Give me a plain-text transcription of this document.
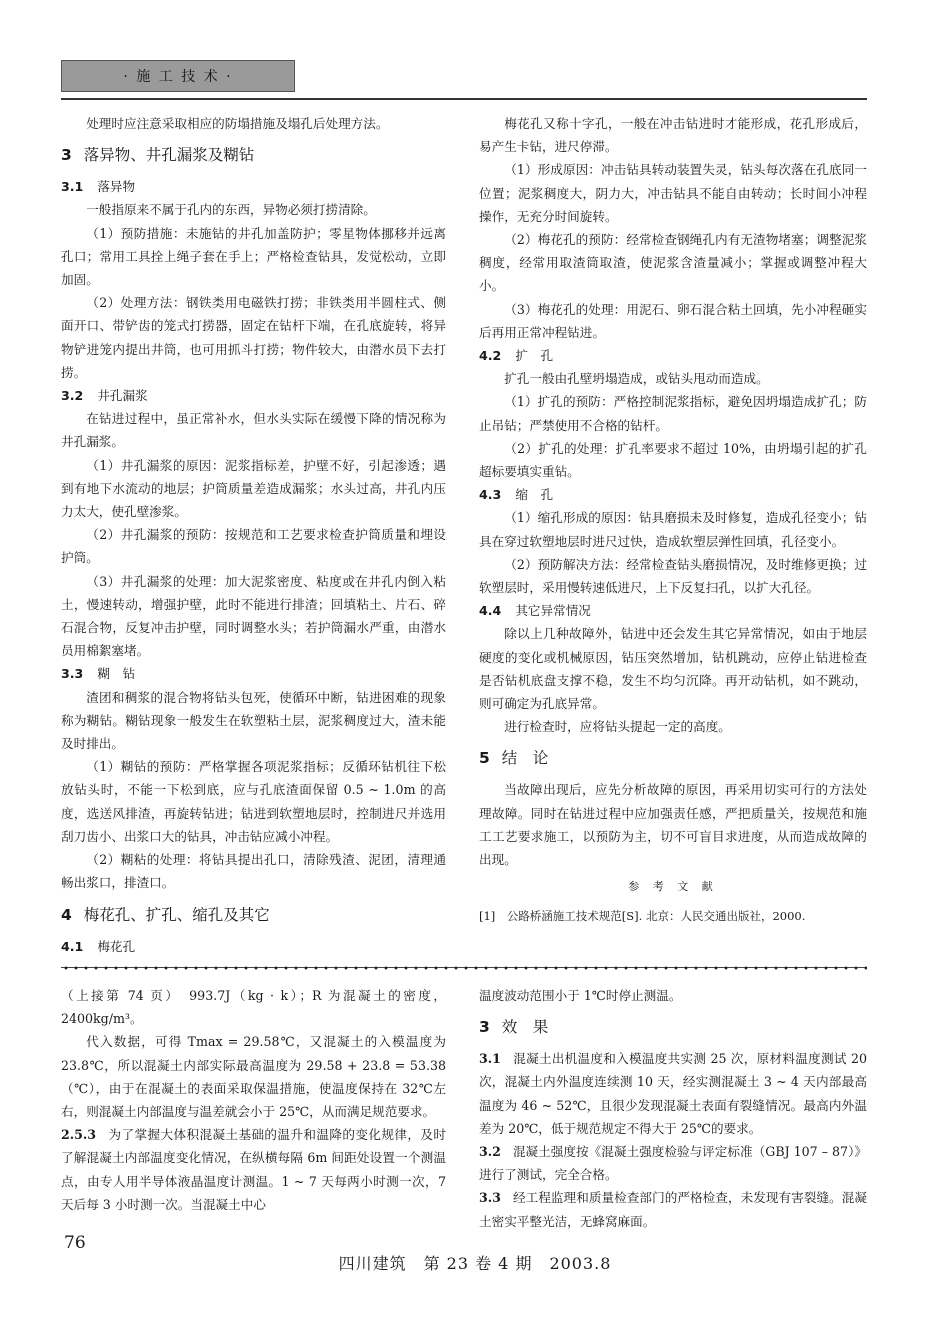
· 施 工 技 术 ·

处理时应注意采取相应的防塌措施及塌孔后处理方法。

3 落异物、井孔漏浆及糊钻
3.1 落异物

一般指原来不属于孔内的东西，异物必须打捞清除。

（1）预防措施：未施钻的井孔加盖防护；零星物体挪移并远离孔口；常用工具拴上绳子套在手上；严格检查钻具，发觉松动，立即加固。

（2）处理方法：钢铁类用电磁铁打捞；非铁类用半圆柱式、侧面开口、带铲齿的笼式打捞器，固定在钻杆下端，在孔底旋转，将异物铲进笼内提出井筒，也可用抓斗打捞；物件较大，由潜水员下去打捞。

3.2 井孔漏浆

在钻进过程中，虽正常补水，但水头实际在缓慢下降的情况称为井孔漏浆。

（1）井孔漏浆的原因：泥浆指标差，护壁不好，引起渗透；遇到有地下水流动的地层；护筒质量差造成漏浆；水头过高，井孔内压力太大，使孔壁渗浆。

（2）井孔漏浆的预防：按规范和工艺要求检查护筒质量和埋设护筒。

（3）井孔漏浆的处理：加大泥浆密度、粘度或在井孔内倒入粘土，慢速转动，增强护壁，此时不能进行排渣；回填粘土、片石、碎石混合物，反复冲击护壁，同时调整水头；若护筒漏水严重，由潜水员用棉絮塞堵。

3.3 糊　钻

渣团和稠浆的混合物将钻头包死，使循环中断，钻进困难的现象称为糊钻。糊钻现象一般发生在软塑粘土层，泥浆稠度过大，渣未能及时排出。

（1）糊钻的预防：严格掌握各项泥浆指标；反循环钻机往下松放钻头时，不能一下松到底，应与孔底渣面保留 0.5 ~ 1.0m 的高度，选送风排渣，再旋转钻进；钻进到软塑地层时，控制进尺并选用刮刀齿小、出浆口大的钻具，冲击钻应减小冲程。

（2）糊粘的处理：将钻具提出孔口，清除残渣、泥团，清理通畅出浆口，排渣口。

4 梅花孔、扩孔、缩孔及其它
4.1 梅花孔

梅花孔又称十字孔，一般在冲击钻进时才能形成，花孔形成后，易产生卡钻，进尺停滞。

（1）形成原因：冲击钻具转动装置失灵，钻头每次落在孔底同一位置；泥浆稠度大，阴力大，冲击钻具不能自由转动；长时间小冲程操作，无充分时间旋转。

（2）梅花孔的预防：经常检查钢绳孔内有无渣物堵塞；调整泥浆稠度，经常用取渣筒取渣，使泥浆含渣量减小；掌握或调整冲程大小。

（3）梅花孔的处理：用泥石、卵石混合粘土回填，先小冲程砸实后再用正常冲程钻进。

4.2 扩　孔

扩孔一般由孔壁坍塌造成，或钻头甩动而造成。

（1）扩孔的预防：严格控制泥浆指标，避免因坍塌造成扩孔；防止吊钻；严禁使用不合格的钻杆。

（2）扩孔的处理：扩孔率要求不超过 10%，由坍塌引起的扩孔超标要填实重钻。

4.3 缩　孔

（1）缩孔形成的原因：钻具磨损未及时修复，造成孔径变小；钻具在穿过软塑地层时进尺过快，造成软塑层弹性回填，孔径变小。

（2）预防解决方法：经常检查钻头磨损情况，及时维修更换；过软塑层时，采用慢转速低进尺，上下反复扫孔，以扩大孔径。

4.4 其它异常情况

除以上几种故障外，钻进中还会发生其它异常情况，如由于地层硬度的变化或机械原因，钻压突然增加，钻机跳动，应停止钻进检查是否钻机底盘支撑不稳，发生不均匀沉降。再开动钻机，如不跳动，则可确定为孔底异常。

进行检查时，应将钻头提起一定的高度。

5 结　论

当故障出现后，应先分析故障的原因，再采用切实可行的方法处理故障。同时在钻进过程中应加强责任感，严把质量关，按规范和施工工艺要求施工，以预防为主，切不可盲目求进度，从而造成故障的出现。

参 考 文 献

[1]　公路桥涵施工技术规范[S]. 北京：人民交通出版社，2000.

（上接第 74 页）　993.7J（kg · k）；R 为混凝土的密度，2400kg/m³。

代入数据，可得 Tmax = 29.58℃，又混凝土的入模温度为 23.8℃，所以混凝土内部实际最高温度为 29.58 + 23.8 = 53.38（℃），由于在混凝土的表面采取保温措施，使温度保持在 32℃左右，则混凝土内部温度与温差就会小于 25℃，从而满足规范要求。

2.5.3 为了掌握大体积混凝土基础的温升和温降的变化规律，及时了解混凝土内部温度变化情况，在纵横每隔 6m 间距处设置一个测温点，由专人用半导体液晶温度计测温。1 ~ 7 天每两小时测一次，7 天后每 3 小时测一次。当混凝土中心

温度波动范围小于 1℃时停止测温。

3 效　果

3.1 混凝土出机温度和入模温度共实测 25 次，原材料温度测试 20 次，混凝土内外温度连续测 10 天，经实测混凝土 3 ~ 4 天内部最高温度为 46 ~ 52℃，且很少发现混凝土表面有裂缝情况。最高内外温差为 20℃，低于规范规定不得大于 25℃的要求。

3.2 混凝土强度按《混凝土强度检验与评定标准（GBJ 107 – 87）》进行了测试，完全合格。

3.3 经工程监理和质量检查部门的严格检查，未发现有害裂缝。混凝土密实平整光洁，无蜂窝麻面。

76
四川建筑　第 23 卷 4 期　2003.8
